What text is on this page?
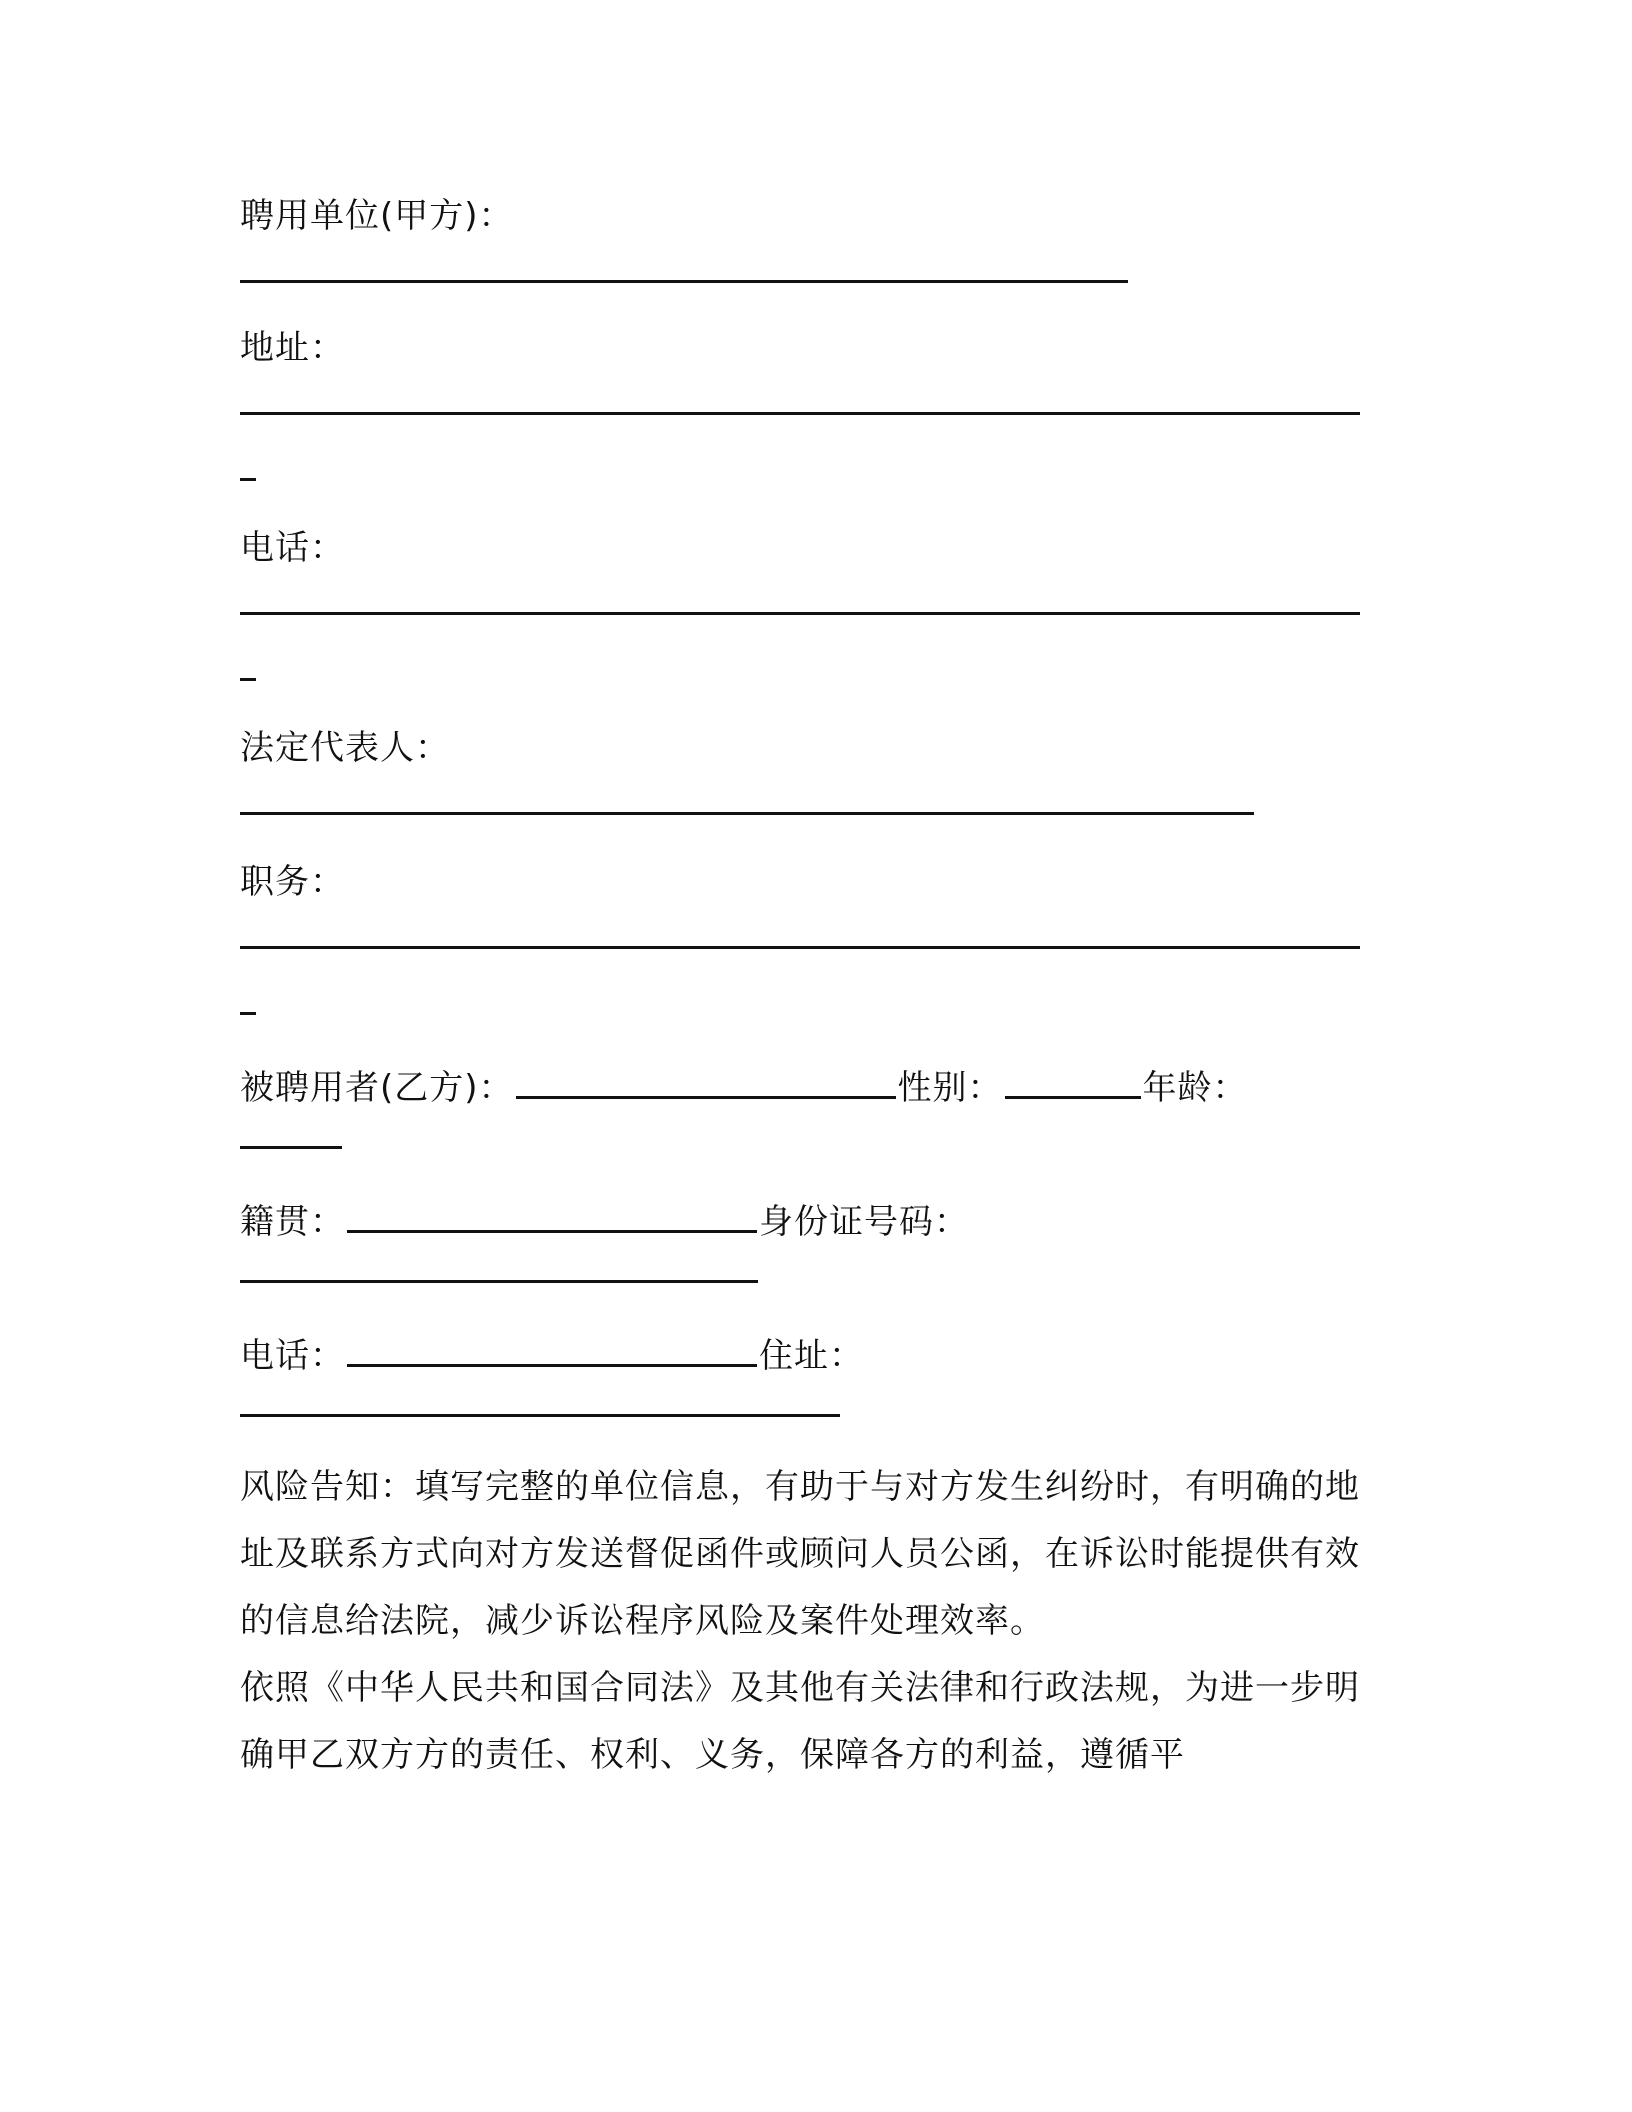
聘用单位(甲方)：
地址：
电话：
法定代表人：
职务：
被聘用者(乙方)：	性别：	年龄：
籍贯：	身份证号码：
电话：	住址：
风险告知：填写完整的单位信息，有助于与对方发生纠纷时，有明确的地址及联系方式向对方发送督促函件或顾问人员公函，在诉讼时能提供有效的信息给法院，减少诉讼程序风险及案件处理效率。
依照《中华人民共和国合同法》及其他有关法律和行政法规，为进一步明确甲乙双方方的责任、权利、义务，保障各方的利益，遵循平
